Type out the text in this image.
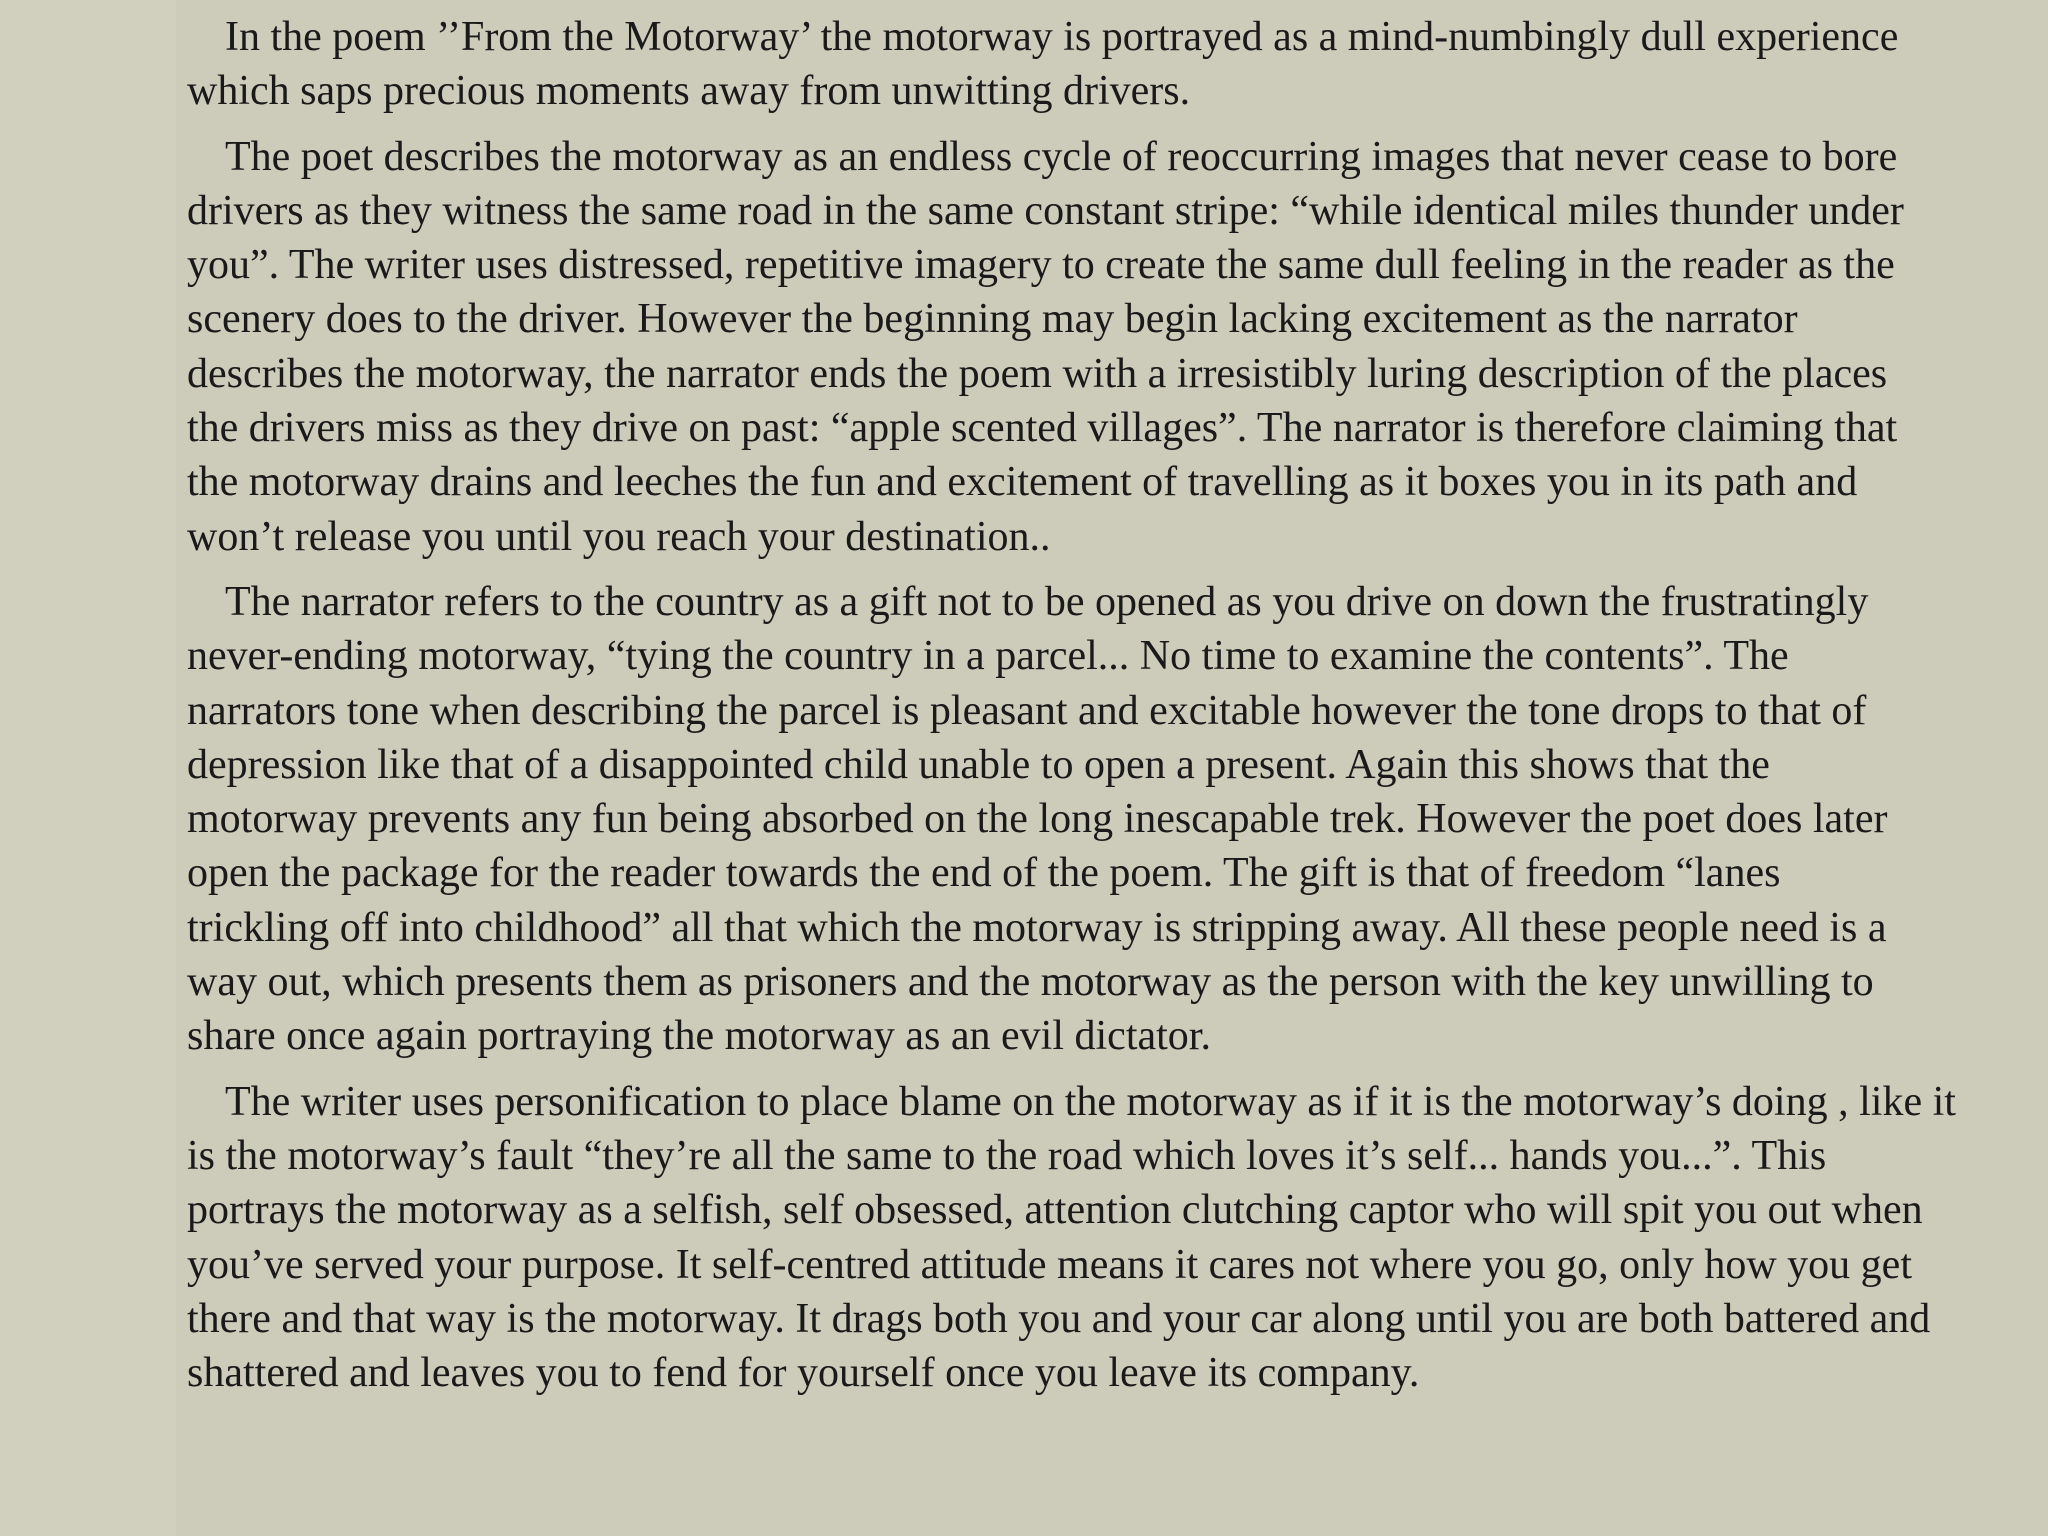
In the poem ’’From the Motorway’ the motorway is portrayed as a mind-numbingly dull experience
which saps precious moments away from unwitting drivers.

The poet describes the motorway as an endless cycle of reoccurring images that never cease to bore
drivers as they witness the same road in the same constant stripe: “while identical miles thunder under
you”. The writer uses distressed, repetitive imagery to create the same dull feeling in the reader as the
scenery does to the driver. However the beginning may begin lacking excitement as the narrator
describes the motorway, the narrator ends the poem with a irresistibly luring description of the places
the drivers miss as they drive on past: “apple scented villages”. The narrator is therefore claiming that
the motorway drains and leeches the fun and excitement of travelling as it boxes you in its path and
won’t release you until you reach your destination..

The narrator refers to the country as a gift not to be opened as you drive on down the frustratingly
never-ending motorway, “tying the country in a parcel... No time to examine the contents”. The
narrators tone when describing the parcel is pleasant and excitable however the tone drops to that of
depression like that of a disappointed child unable to open a present. Again this shows that the
motorway prevents any fun being absorbed on the long inescapable trek. However the poet does later
open the package for the reader towards the end of the poem. The gift is that of freedom “lanes
trickling off into childhood” all that which the motorway is stripping away. All these people need is a
way out, which presents them as prisoners and the motorway as the person with the key unwilling to
share once again portraying the motorway as an evil dictator.

The writer uses personification to place blame on the motorway as if it is the motorway’s doing , like it
is the motorway’s fault “they’re all the same to the road which loves it’s self... hands you...”. This
portrays the motorway as a selfish, self obsessed, attention clutching captor who will spit you out when
you’ve served your purpose. It self-centred attitude means it cares not where you go, only how you get
there and that way is the motorway. It drags both you and your car along until you are both battered and
shattered and leaves you to fend for yourself once you leave its company.
